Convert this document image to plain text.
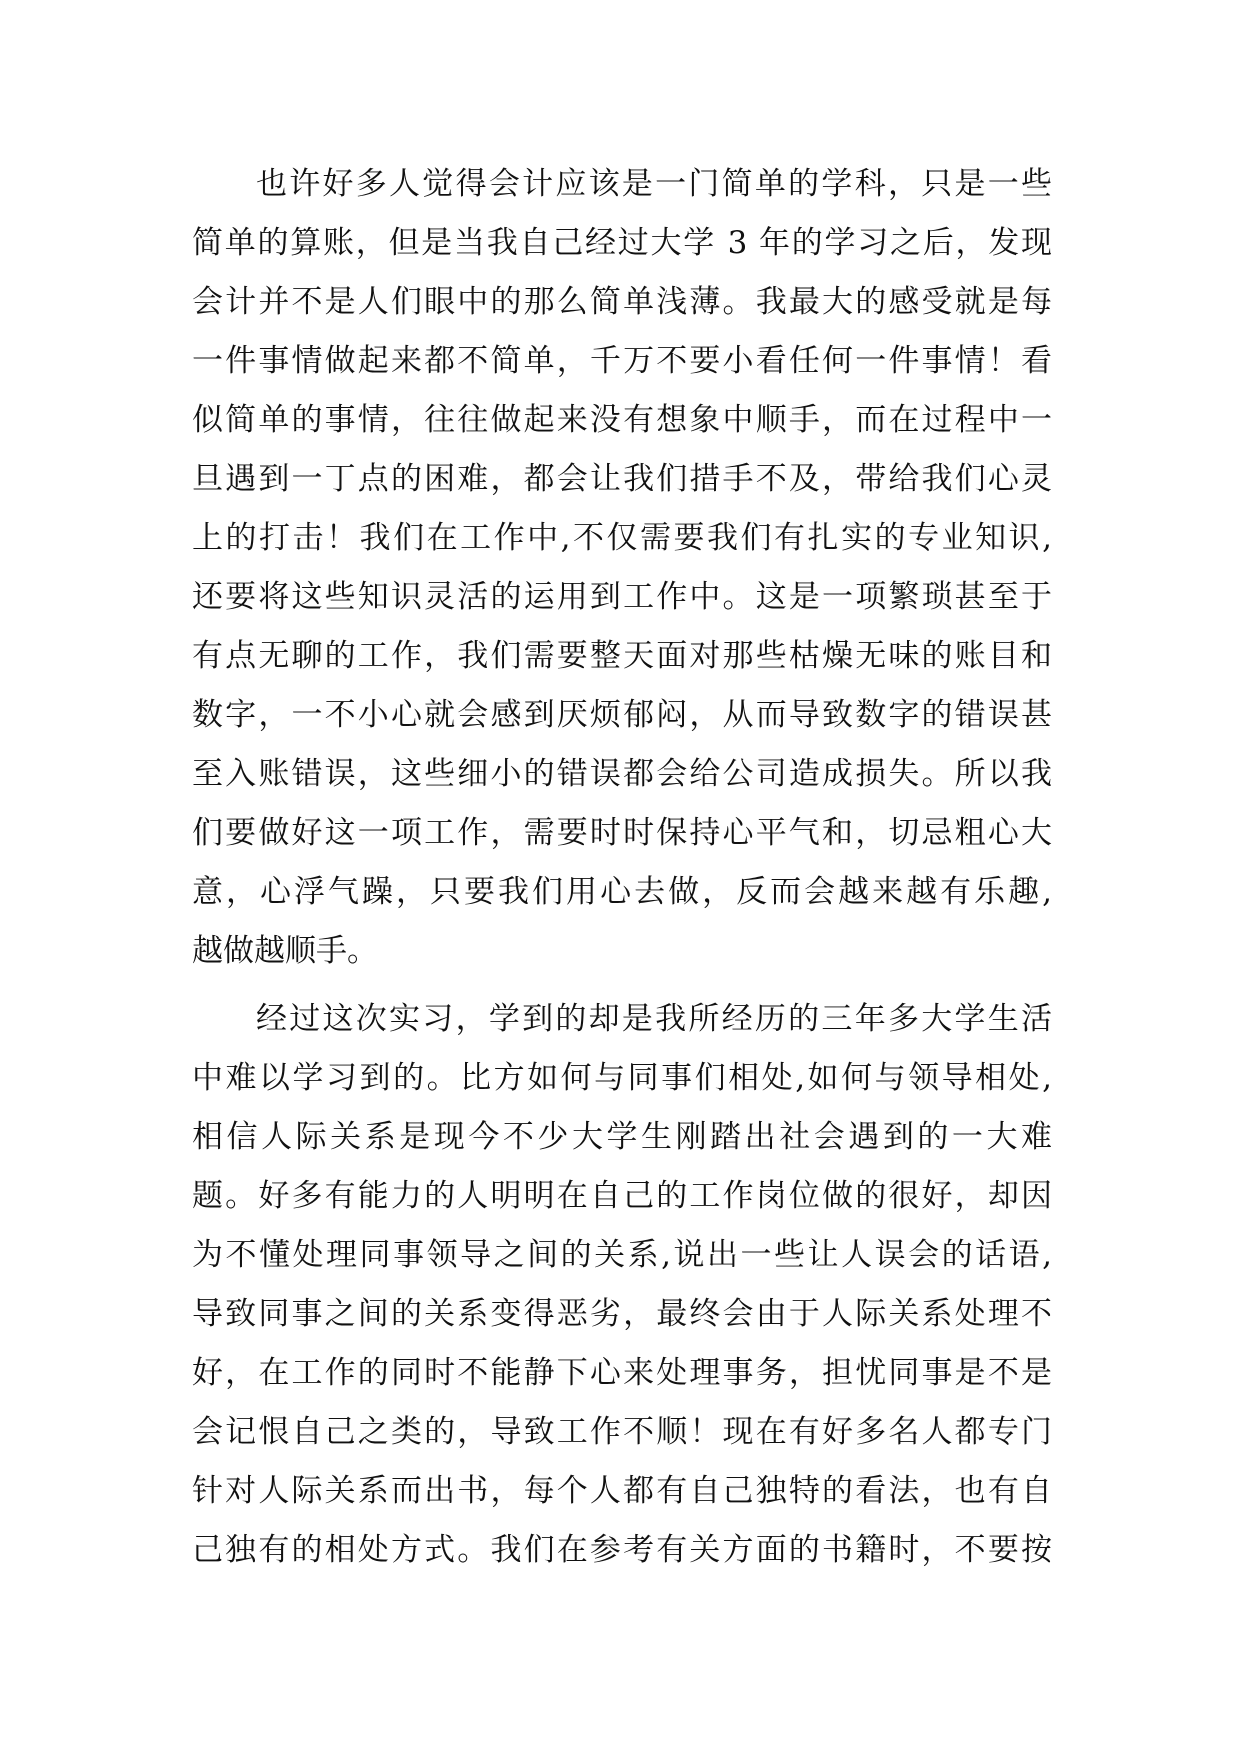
也许好多人觉得会计应该是一门简单的学科，只是一些
简单的算账，但是当我自己经过大学 3 年的学习之后，发现
会计并不是人们眼中的那么简单浅薄。我最大的感受就是每
一件事情做起来都不简单，千万不要小看任何一件事情！看
似简单的事情，往往做起来没有想象中顺手，而在过程中一
旦遇到一丁点的困难，都会让我们措手不及，带给我们心灵
上的打击！我们在工作中,不仅需要我们有扎实的专业知识,
还要将这些知识灵活的运用到工作中。这是一项繁琐甚至于
有点无聊的工作，我们需要整天面对那些枯燥无味的账目和
数字，一不小心就会感到厌烦郁闷，从而导致数字的错误甚
至入账错误，这些细小的错误都会给公司造成损失。所以我
们要做好这一项工作，需要时时保持心平气和，切忌粗心大
意，心浮气躁，只要我们用心去做，反而会越来越有乐趣,
越做越顺手。
经过这次实习，学到的却是我所经历的三年多大学生活
中难以学习到的。比方如何与同事们相处,如何与领导相处,
相信人际关系是现今不少大学生刚踏出社会遇到的一大难
题。好多有能力的人明明在自己的工作岗位做的很好，却因
为不懂处理同事领导之间的关系,说出一些让人误会的话语,
导致同事之间的关系变得恶劣，最终会由于人际关系处理不
好，在工作的同时不能静下心来处理事务，担忧同事是不是
会记恨自己之类的，导致工作不顺！现在有好多名人都专门
针对人际关系而出书，每个人都有自己独特的看法，也有自
己独有的相处方式。我们在参考有关方面的书籍时，不要按
